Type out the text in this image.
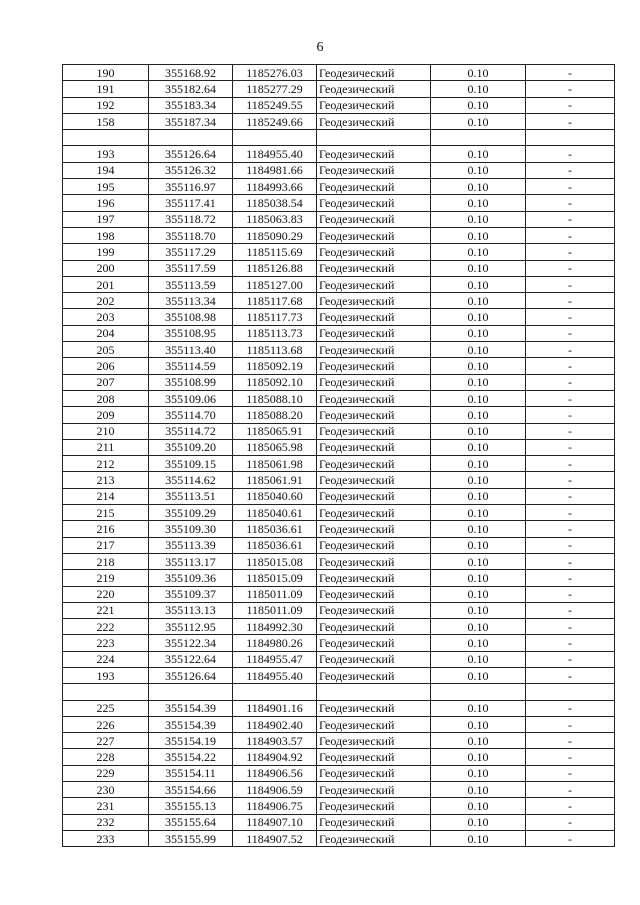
6
190	355168.92	1185276.03	Геодезический	0.10	-
191	355182.64	1185277.29	Геодезический	0.10	-
192	355183.34	1185249.55	Геодезический	0.10	-
158	355187.34	1185249.66	Геодезический	0.10	-

193	355126.64	1184955.40	Геодезический	0.10	-
194	355126.32	1184981.66	Геодезический	0.10	-
195	355116.97	1184993.66	Геодезический	0.10	-
196	355117.41	1185038.54	Геодезический	0.10	-
197	355118.72	1185063.83	Геодезический	0.10	-
198	355118.70	1185090.29	Геодезический	0.10	-
199	355117.29	1185115.69	Геодезический	0.10	-
200	355117.59	1185126.88	Геодезический	0.10	-
201	355113.59	1185127.00	Геодезический	0.10	-
202	355113.34	1185117.68	Геодезический	0.10	-
203	355108.98	1185117.73	Геодезический	0.10	-
204	355108.95	1185113.73	Геодезический	0.10	-
205	355113.40	1185113.68	Геодезический	0.10	-
206	355114.59	1185092.19	Геодезический	0.10	-
207	355108.99	1185092.10	Геодезический	0.10	-
208	355109.06	1185088.10	Геодезический	0.10	-
209	355114.70	1185088.20	Геодезический	0.10	-
210	355114.72	1185065.91	Геодезический	0.10	-
211	355109.20	1185065.98	Геодезический	0.10	-
212	355109.15	1185061.98	Геодезический	0.10	-
213	355114.62	1185061.91	Геодезический	0.10	-
214	355113.51	1185040.60	Геодезический	0.10	-
215	355109.29	1185040.61	Геодезический	0.10	-
216	355109.30	1185036.61	Геодезический	0.10	-
217	355113.39	1185036.61	Геодезический	0.10	-
218	355113.17	1185015.08	Геодезический	0.10	-
219	355109.36	1185015.09	Геодезический	0.10	-
220	355109.37	1185011.09	Геодезический	0.10	-
221	355113.13	1185011.09	Геодезический	0.10	-
222	355112.95	1184992.30	Геодезический	0.10	-
223	355122.34	1184980.26	Геодезический	0.10	-
224	355122.64	1184955.47	Геодезический	0.10	-
193	355126.64	1184955.40	Геодезический	0.10	-

225	355154.39	1184901.16	Геодезический	0.10	-
226	355154.39	1184902.40	Геодезический	0.10	-
227	355154.19	1184903.57	Геодезический	0.10	-
228	355154.22	1184904.92	Геодезический	0.10	-
229	355154.11	1184906.56	Геодезический	0.10	-
230	355154.66	1184906.59	Геодезический	0.10	-
231	355155.13	1184906.75	Геодезический	0.10	-
232	355155.64	1184907.10	Геодезический	0.10	-
233	355155.99	1184907.52	Геодезический	0.10	-
